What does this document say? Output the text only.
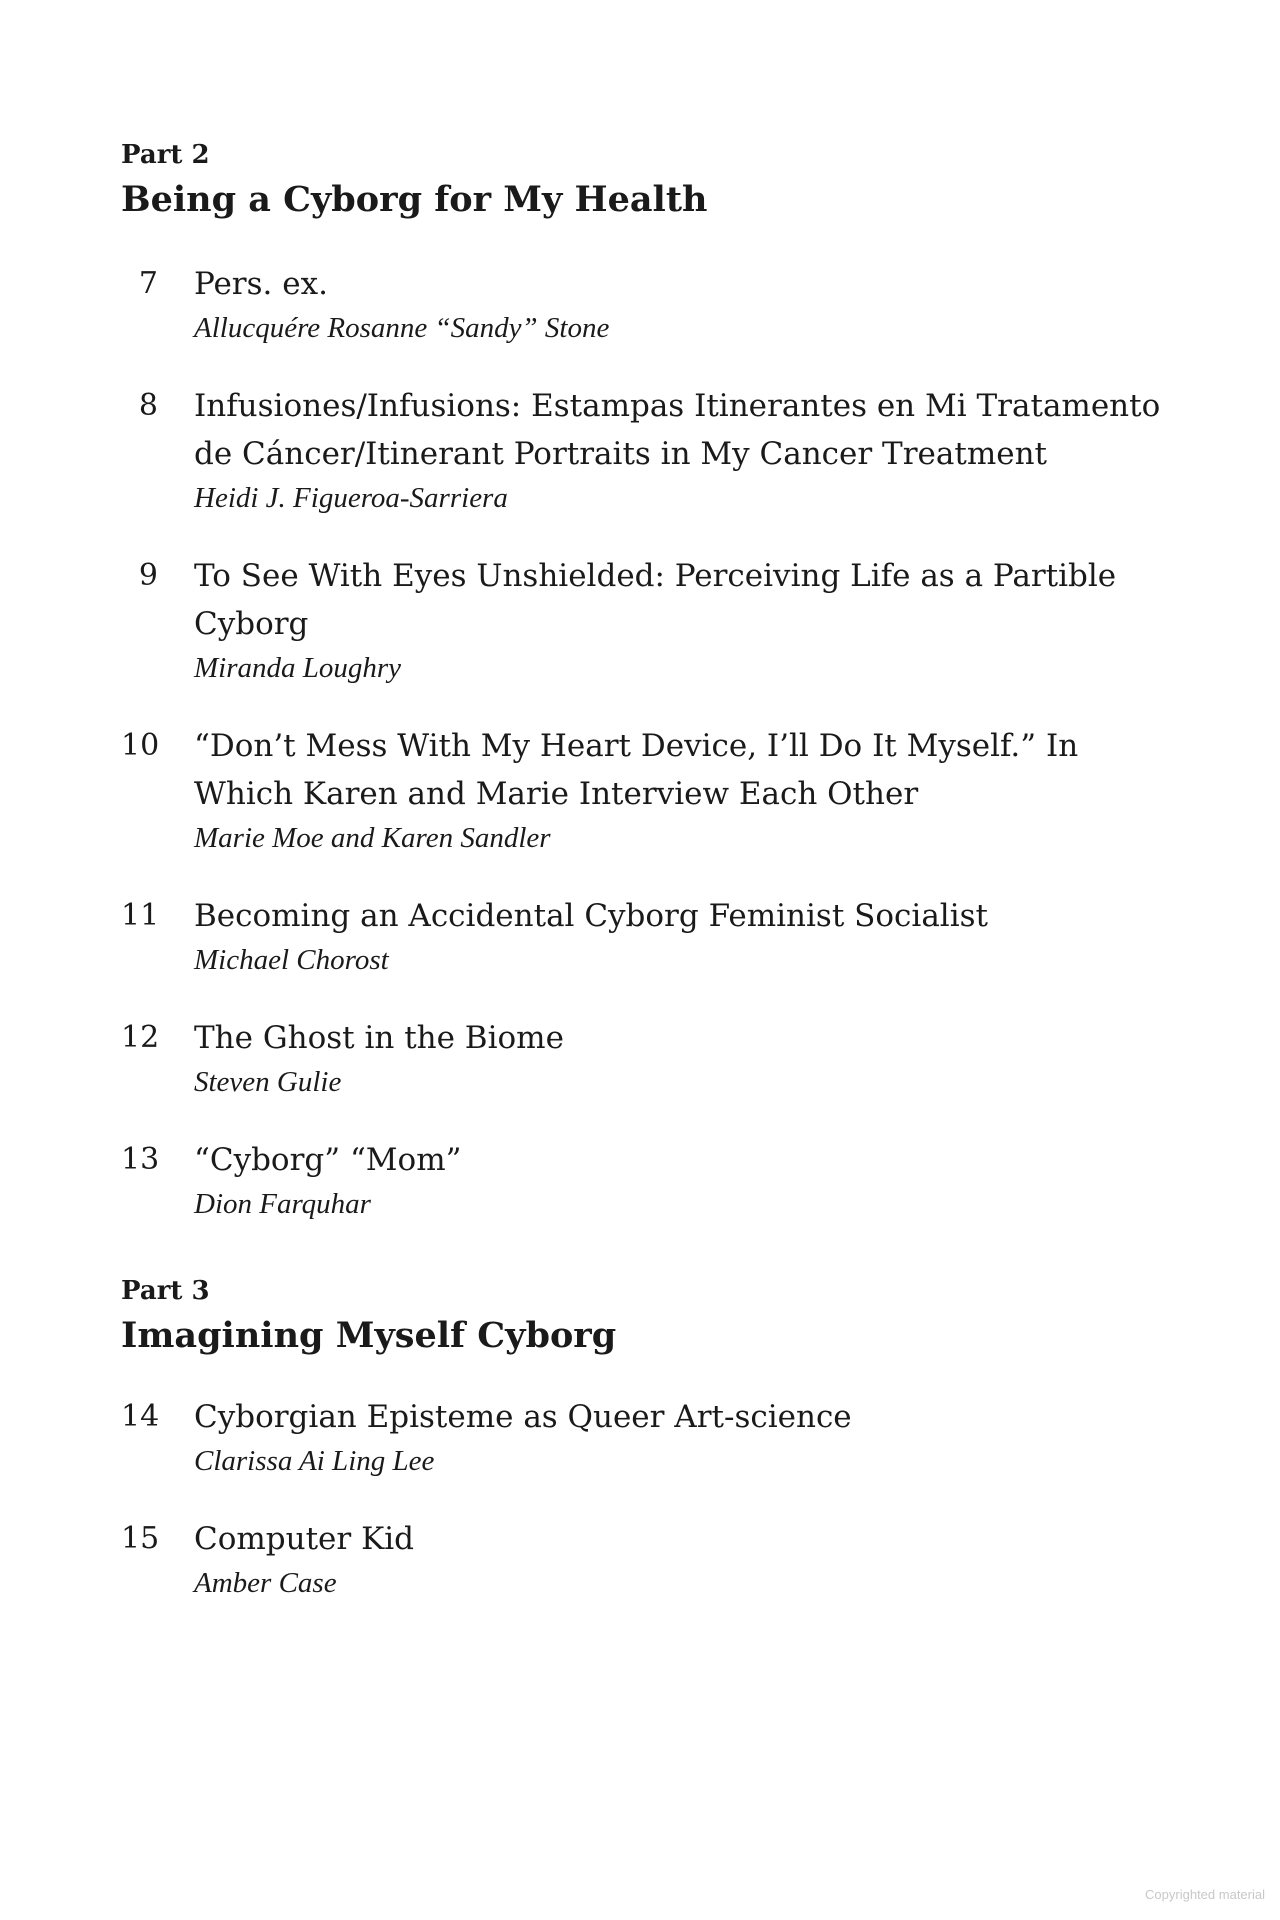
Part 2
Being a Cyborg for My Health
7 Pers. ex.
Allucquére Rosanne “Sandy” Stone
8 Infusiones/Infusions: Estampas Itinerantes en Mi Tratamento de Cáncer/Itinerant Portraits in My Cancer Treatment
Heidi J. Figueroa-Sarriera
9 To See With Eyes Unshielded: Perceiving Life as a Partible Cyborg
Miranda Loughry
10 “Don’t Mess With My Heart Device, I’ll Do It Myself.” In Which Karen and Marie Interview Each Other
Marie Moe and Karen Sandler
11 Becoming an Accidental Cyborg Feminist Socialist
Michael Chorost
12 The Ghost in the Biome
Steven Gulie
13 “Cyborg” “Mom”
Dion Farquhar
Part 3
Imagining Myself Cyborg
14 Cyborgian Episteme as Queer Art-science
Clarissa Ai Ling Lee
15 Computer Kid
Amber Case
Copyrighted material
